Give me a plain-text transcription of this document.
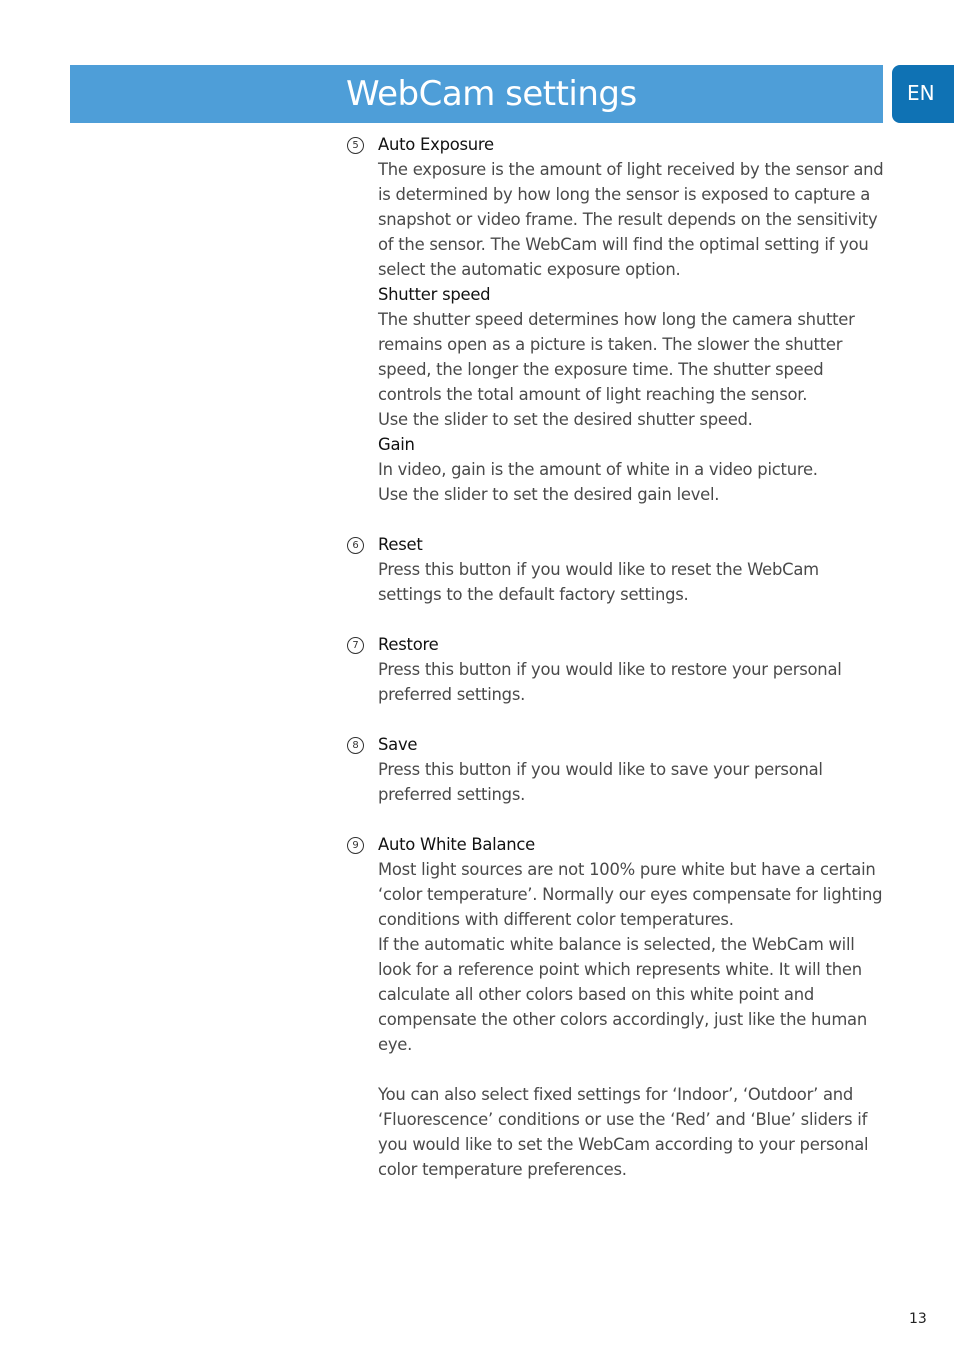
WebCam settings	EN
5	Auto Exposure
The exposure is the amount of light received by the sensor and is determined by how long the sensor is exposed to capture a snapshot or video frame. The result depends on the sensitivity of the sensor. The WebCam will find the optimal setting if you select the automatic exposure option.
Shutter speed
The shutter speed determines how long the camera shutter remains open as a picture is taken. The slower the shutter speed, the longer the exposure time. The shutter speed controls the total amount of light reaching the sensor.
Use the slider to set the desired shutter speed.
Gain
In video, gain is the amount of white in a video picture.
Use the slider to set the desired gain level.
6	Reset
Press this button if you would like to reset the WebCam settings to the default factory settings.
7	Restore
Press this button if you would like to restore your personal preferred settings.
8	Save
Press this button if you would like to save your personal preferred settings.
9	Auto White Balance
Most light sources are not 100% pure white but have a certain ‘color temperature’. Normally our eyes compensate for lighting conditions with different color temperatures.
If the automatic white balance is selected, the WebCam will look for a reference point which represents white. It will then calculate all other colors based on this white point and compensate the other colors accordingly, just like the human eye.
You can also select fixed settings for ‘Indoor’, ‘Outdoor’ and ‘Fluorescence’ conditions or use the ‘Red’ and ‘Blue’ sliders if you would like to set the WebCam according to your personal color temperature preferences.
13
